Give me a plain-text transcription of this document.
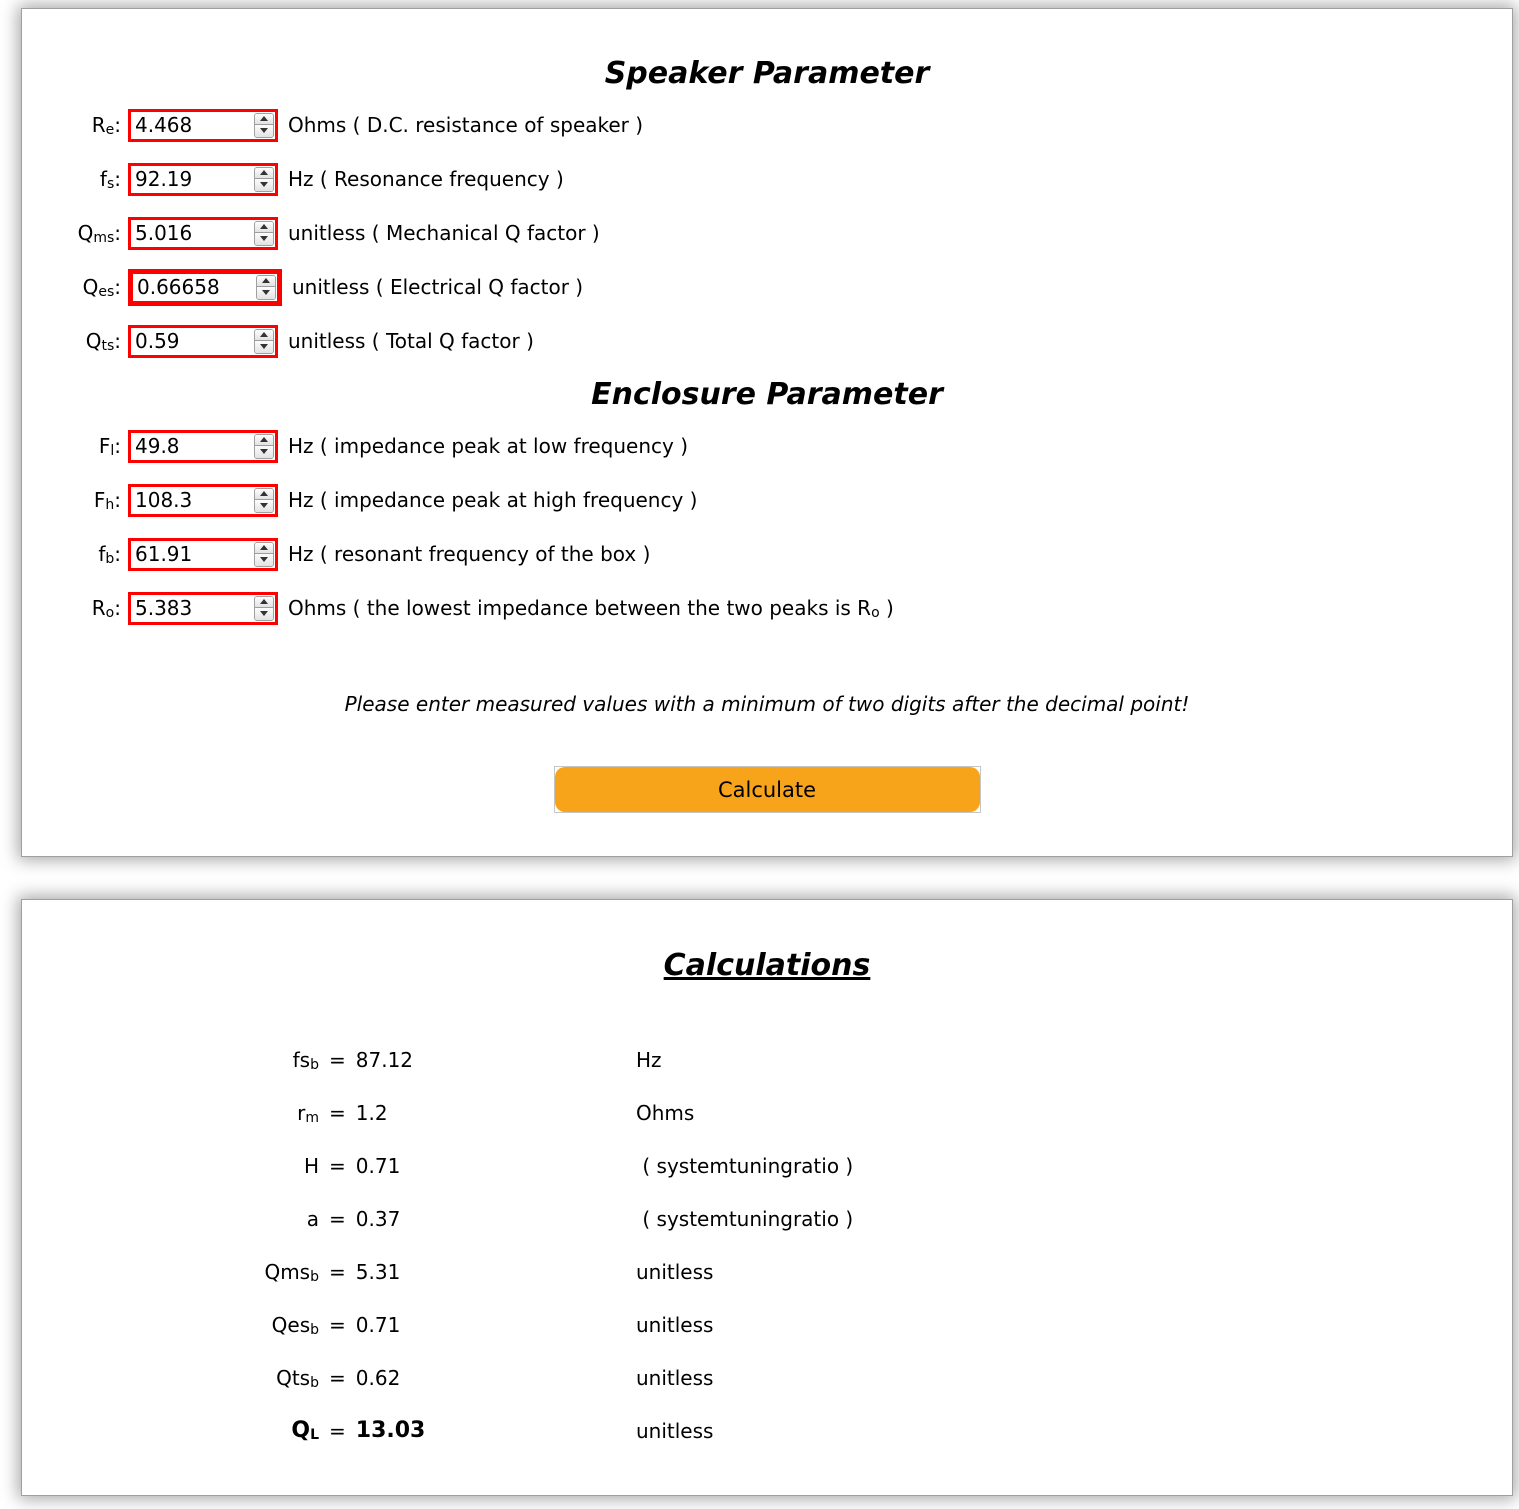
Speaker Parameter
$R_e$:
4.468	Ohms ( D.C. resistance of speaker )
$f_s$:
92.19	Hz ( Resonance frequency )
$Q_{ms}$:
5.016	unitless ( Mechanical Q factor )
$Q_{es}$:
0.66658	unitless ( Electrical Q factor )
$Q_{ts}$:
0.59	unitless ( Total Q factor )
Enclosure Parameter
$F_l$:
49.8	Hz ( impedance peak at low frequency )
$F_h$:
108.3	Hz ( impedance peak at high frequency )
$f_b$:
61.91	Hz ( resonant frequency of the box )
$R_o$:
5.383	Ohms ( the lowest impedance between the two peaks is $R_o$ )
Please enter measured values with a minimum of two digits after the decimal point!
Calculate
Calculations
$fs_b = 87.12$	Hz
$r_m = 1.2$	Ohms
H = 0.71	( systemtuningratio )
a = 0.37	( systemtuningratio )
Qms$_b$ = 5.31	unitless
Qes$_b$ = 0.71	unitless
Qts$_b$ = 0.62	unitless
$Q_L = 13.03$	unitless
